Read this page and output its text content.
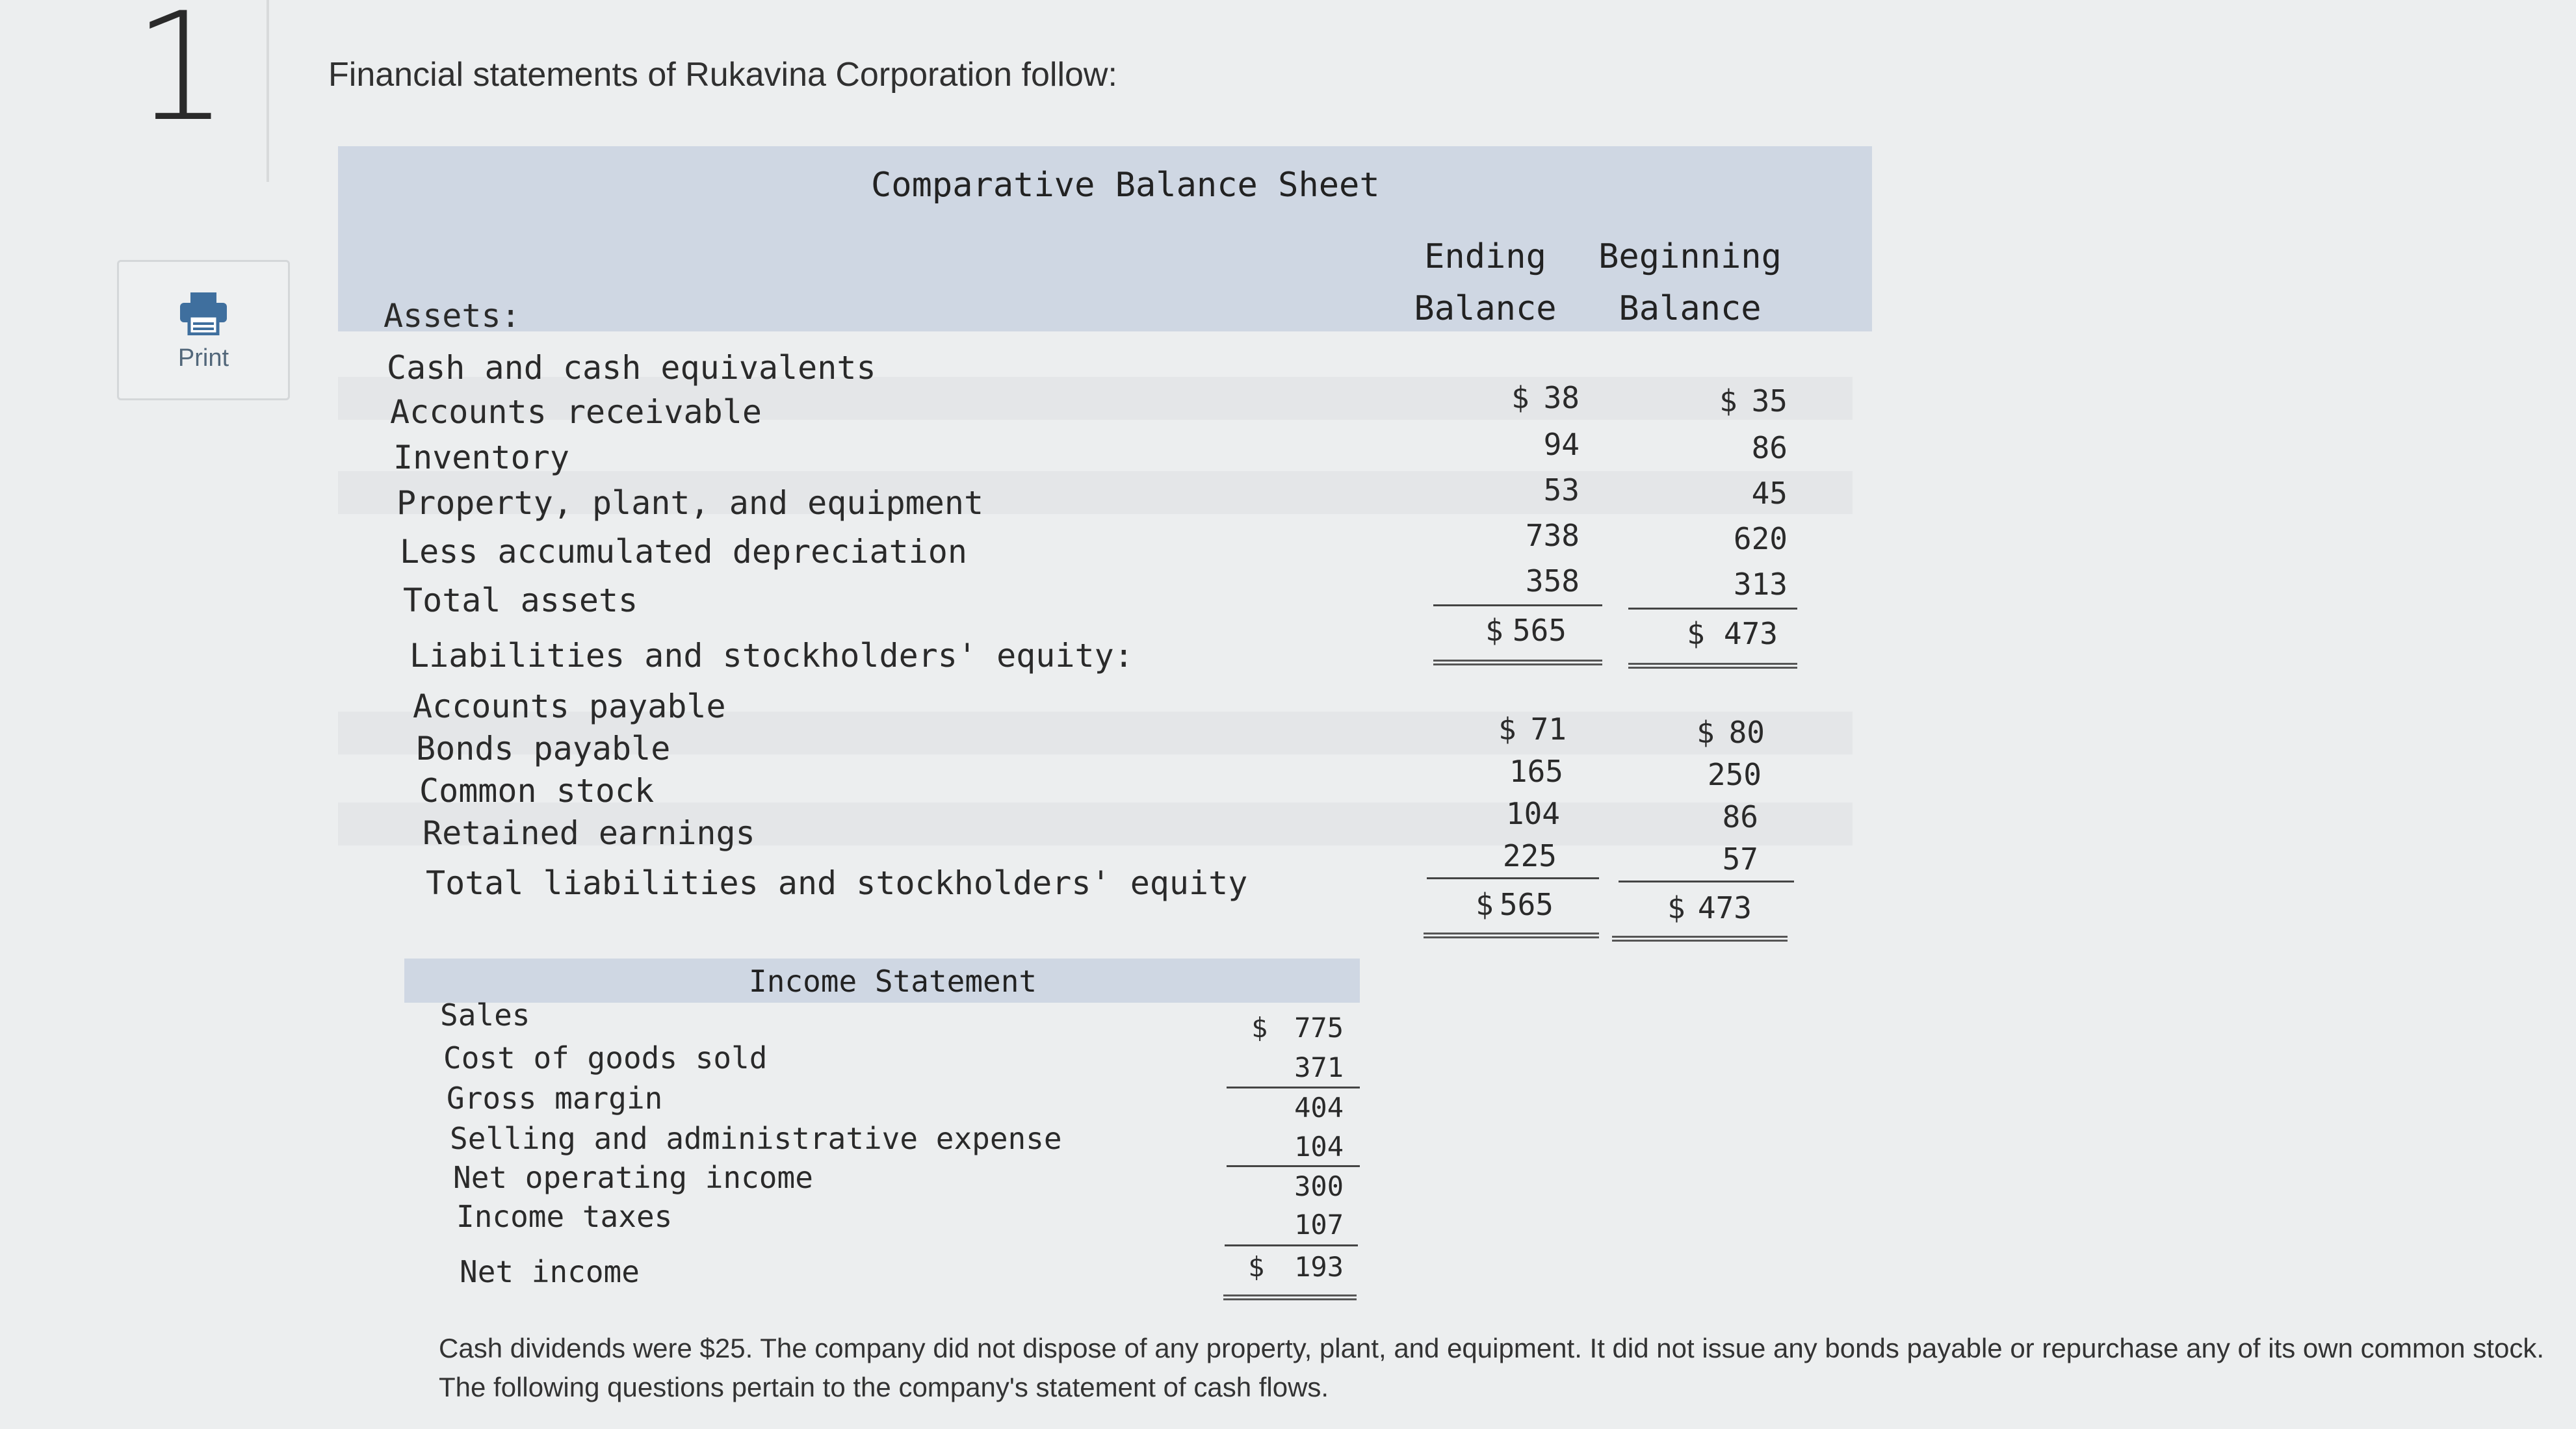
1
Print
Financial statements of Rukavina Corporation follow:
Comparative Balance Sheet
Ending
Balance
Beginning
Balance
Assets:
Cash and cash equivalents
Accounts receivable
Inventory
Property, plant, and equipment
Less accumulated depreciation
Total assets
$ 38
94
53
738
358
$ 565
$ 35
86
45
620
313
$ 473
Liabilities and stockholders' equity:
Accounts payable
Bonds payable
Common stock
Retained earnings
Total liabilities and stockholders' equity
$ 71
165
104
225
$ 565
$ 80
250
86
57
$ 473
Income Statement
Sales
Cost of goods sold
Gross margin
Selling and administrative expense
Net operating income
Income taxes
Net income
$ 775
371
404
104
300
107
$	193

Cash dividends were $25. The company did not dispose of any property, plant, and equipment. It did not issue any bonds payable or repurchase any of its own common stock. The following questions pertain to the company's statement of cash flows.
